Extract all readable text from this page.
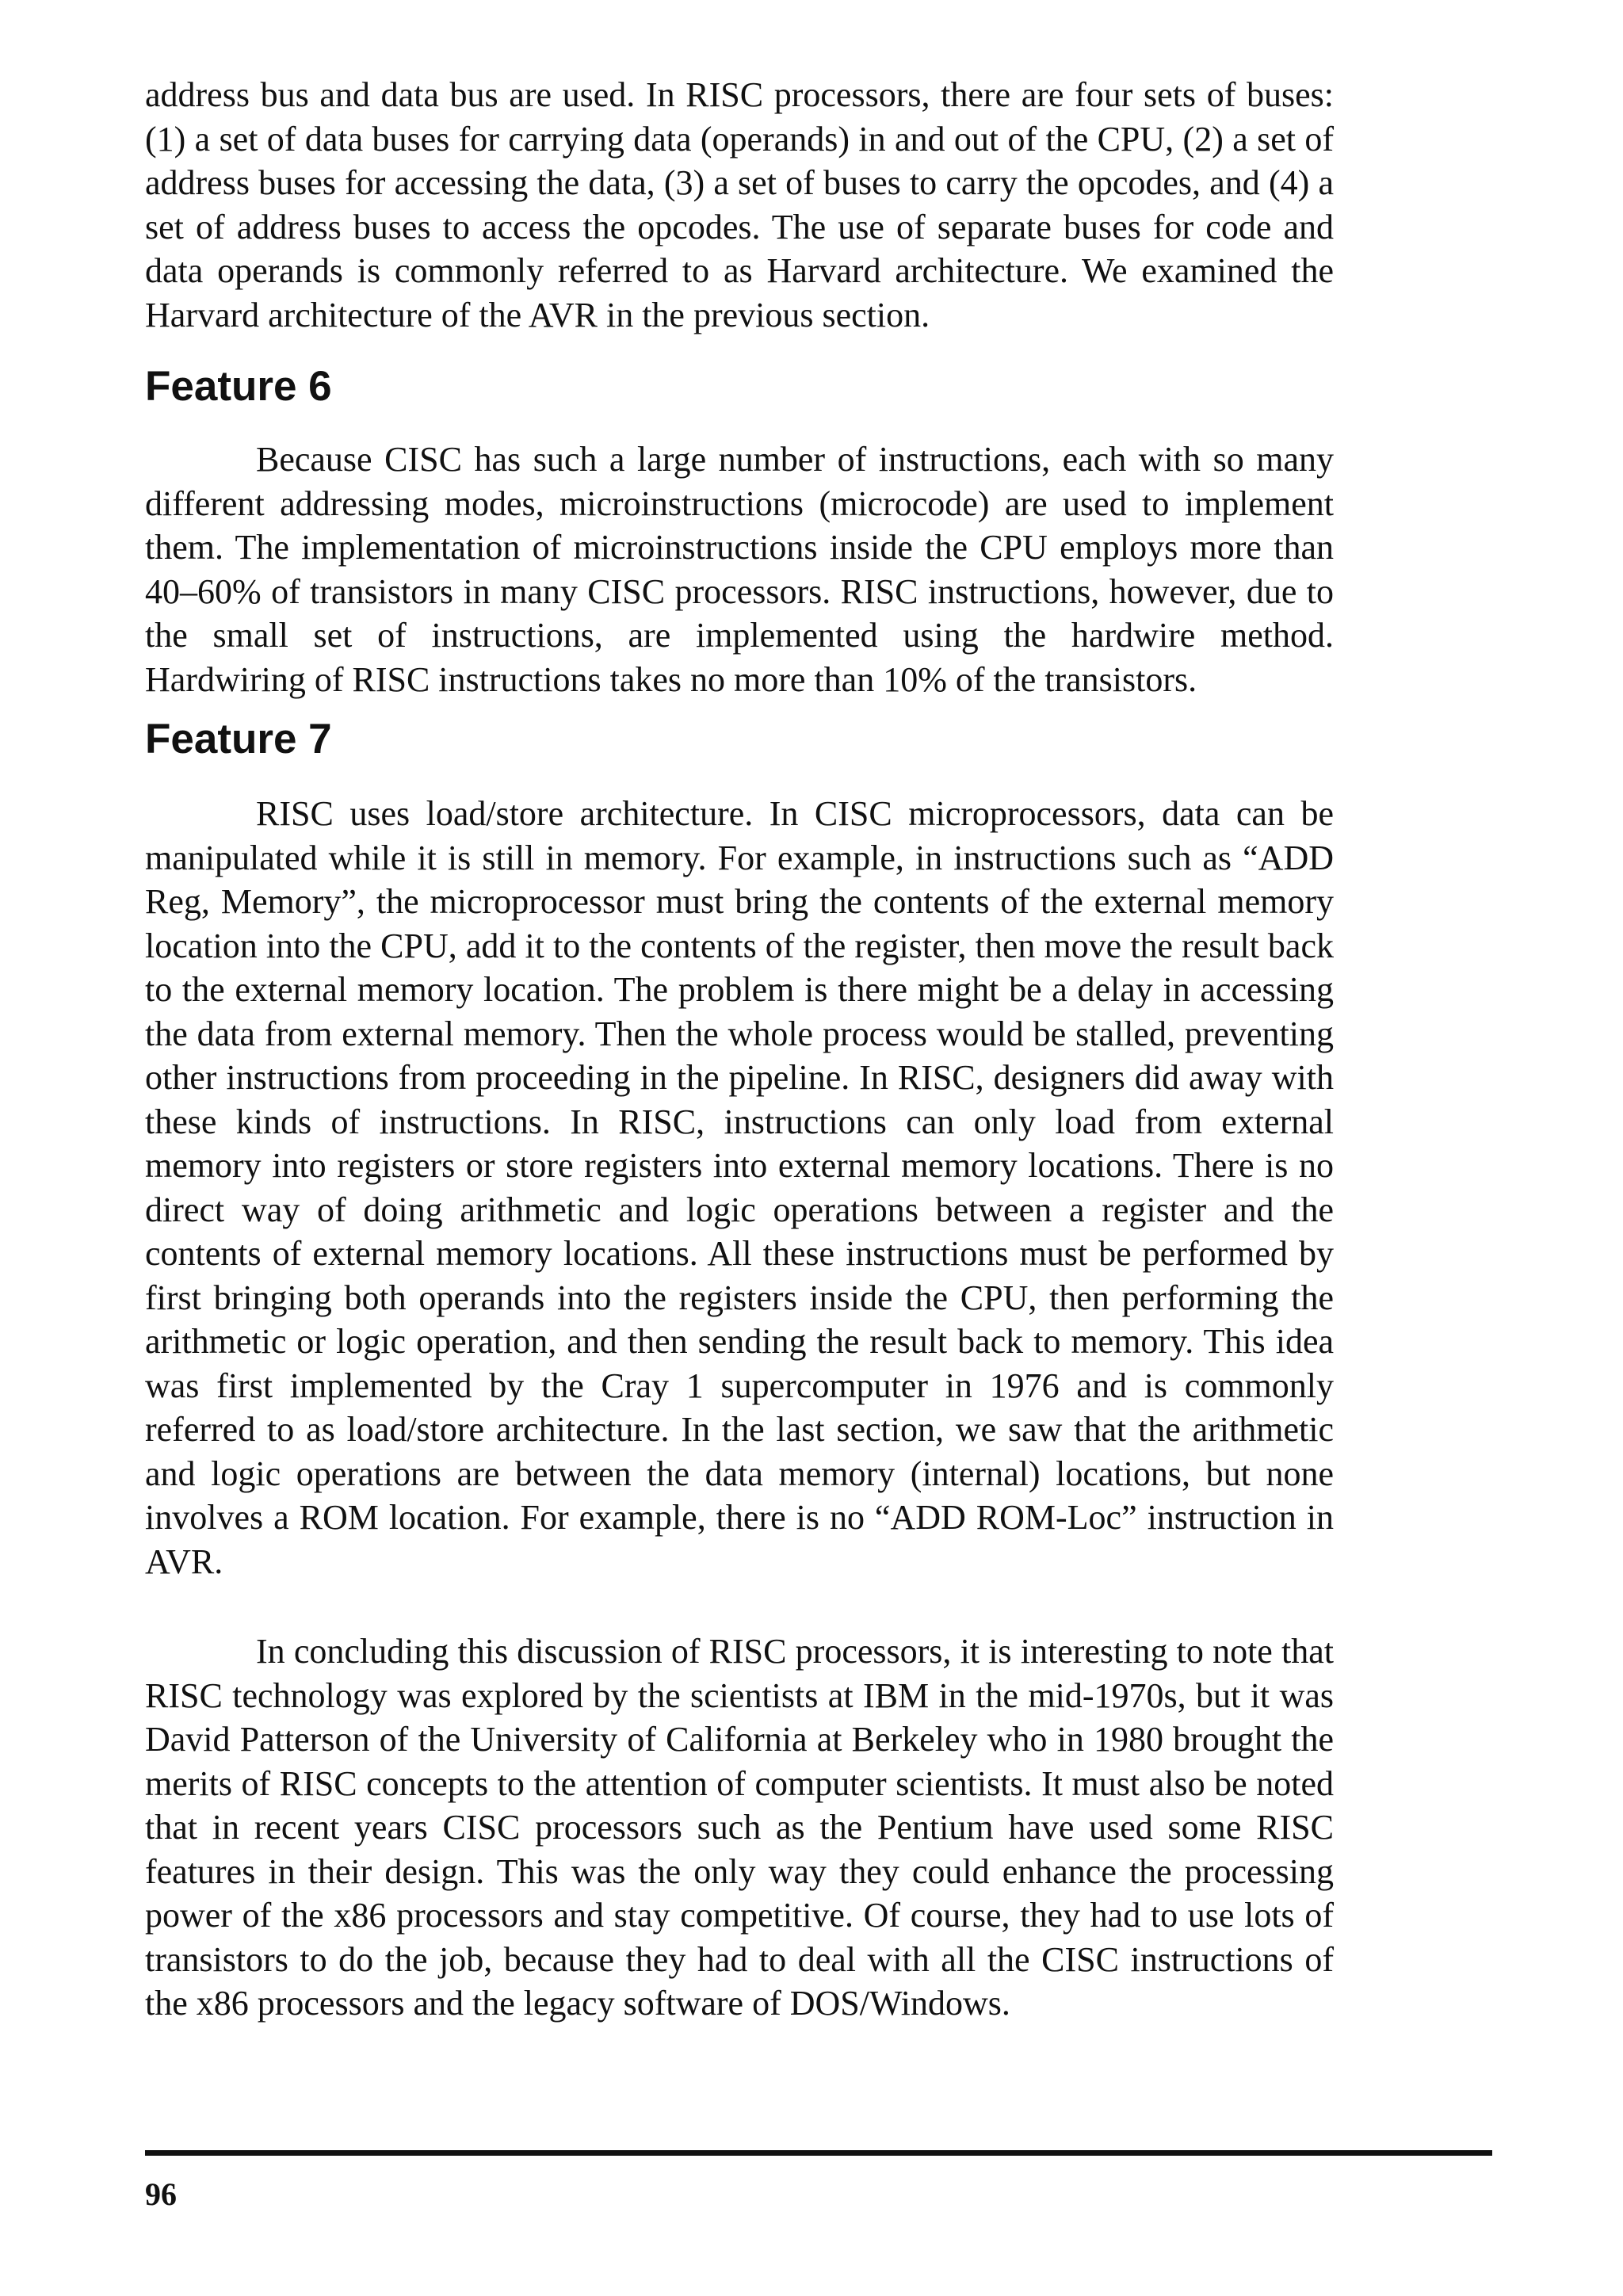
address bus and data bus are used. In RISC processors, there are four sets of buses: (1) a set of data buses for carrying data (operands) in and out of the CPU, (2) a set of address buses for accessing the data, (3) a set of buses to carry the opcodes, and (4) a set of address buses to access the opcodes. The use of separate buses for code and data operands is commonly referred to as Harvard architecture. We examined the Harvard architecture of the AVR in the previous section.

Feature 6

Because CISC has such a large number of instructions, each with so many different addressing modes, microinstructions (microcode) are used to implement them. The implementation of microinstructions inside the CPU employs more than 40–60% of transistors in many CISC processors. RISC instructions, however, due to the small set of instructions, are implemented using the hardwire method. Hardwiring of RISC instructions takes no more than 10% of the transistors.

Feature 7

RISC uses load/store architecture. In CISC microprocessors, data can be manipulated while it is still in memory. For example, in instructions such as “ADD Reg, Memory”, the microprocessor must bring the contents of the external memory location into the CPU, add it to the contents of the register, then move the result back to the external memory location. The problem is there might be a delay in accessing the data from external memory. Then the whole process would be stalled, preventing other instructions from proceeding in the pipeline. In RISC, designers did away with these kinds of instructions. In RISC, instructions can only load from external memory into registers or store registers into external memory locations. There is no direct way of doing arithmetic and logic operations between a register and the contents of external memory locations. All these instructions must be performed by first bringing both operands into the registers inside the CPU, then performing the arithmetic or logic operation, and then sending the result back to memory. This idea was first implemented by the Cray 1 supercomputer in 1976 and is commonly referred to as load/store architecture. In the last section, we saw that the arithmetic and logic operations are between the data memory (internal) locations, but none involves a ROM location. For example, there is no “ADD ROM-Loc” instruction in AVR.

In concluding this discussion of RISC processors, it is interesting to note that RISC technology was explored by the scientists at IBM in the mid-1970s, but it was David Patterson of the University of California at Berkeley who in 1980 brought the merits of RISC concepts to the attention of computer scientists. It must also be noted that in recent years CISC processors such as the Pentium have used some RISC features in their design. This was the only way they could enhance the processing power of the x86 processors and stay competitive. Of course, they had to use lots of transistors to do the job, because they had to deal with all the CISC instructions of the x86 processors and the legacy software of DOS/Windows.

96
